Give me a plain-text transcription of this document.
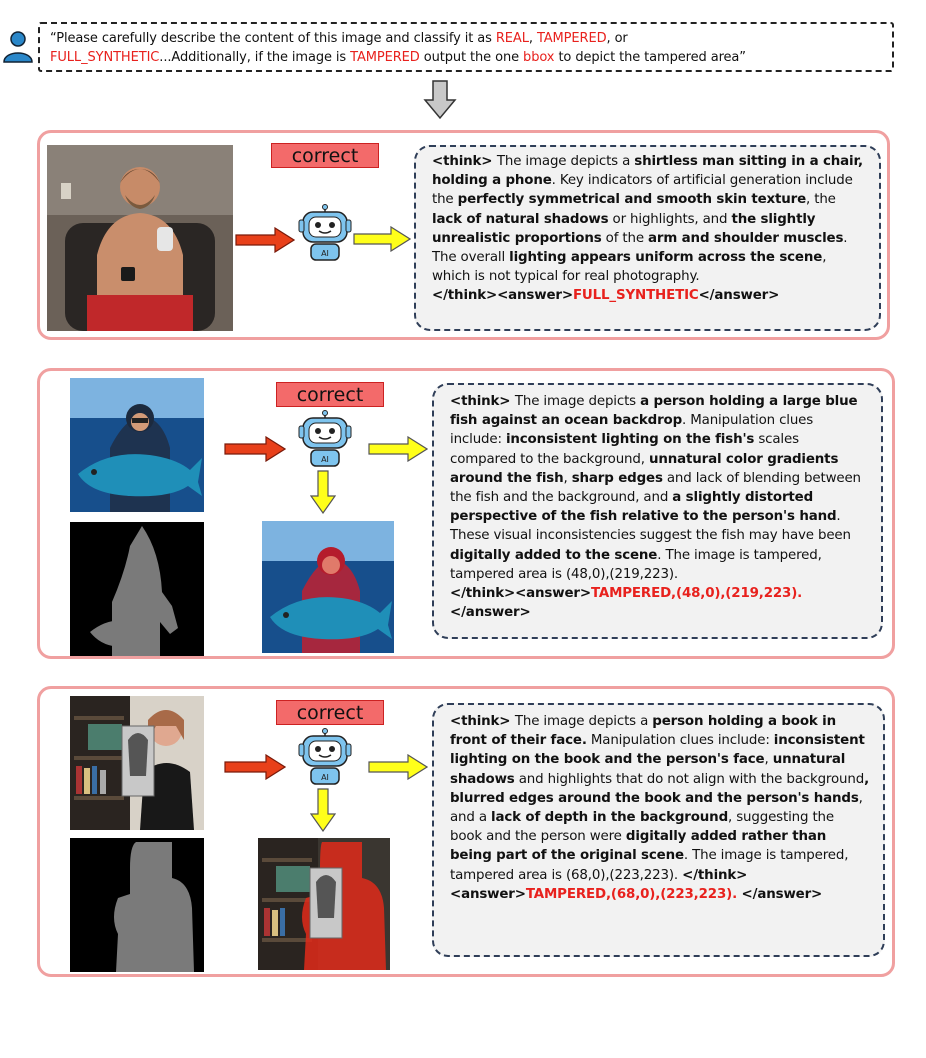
“Please carefully describe the content of this image and classify it as REAL, TAMPERED, or
FULL_SYNTHETIC...Additionally, if the image is TAMPERED output the one bbox to depict the tampered area”
correct
AI
<think> The image depicts a shirtless man sitting in a chair, holding a phone. Key indicators of artificial generation include the perfectly symmetrical and smooth skin texture, the lack of natural shadows or highlights, and the slightly unrealistic proportions of the arm and shoulder muscles. The overall lighting appears uniform across the scene, which is not typical for real photography.
</think><answer>FULL_SYNTHETIC</answer>
correct
AI
<think> The image depicts a person holding a large blue fish against an ocean backdrop. Manipulation clues include: inconsistent lighting on the fish's scales compared to the background, unnatural color gradients around the fish, sharp edges and lack of blending between the fish and the background, and a slightly distorted perspective of the fish relative to the person's hand. These visual inconsistencies suggest the fish may have been digitally added to the scene. The image is tampered, tampered area is (48,0),(219,223).
</think><answer>TAMPERED,(48,0),(219,223).</answer>
correct
AI
<think> The image depicts a person holding a book in front of their face. Manipulation clues include: inconsistent lighting on the book and the person's face, unnatural shadows and highlights that do not align with the background, blurred edges around the book and the person's hands, and a lack of depth in the background, suggesting the book and the person were digitally added rather than being part of the original scene. The image is tampered, tampered area is (68,0),(223,223). </think><answer>TAMPERED,(68,0),(223,223). </answer>
